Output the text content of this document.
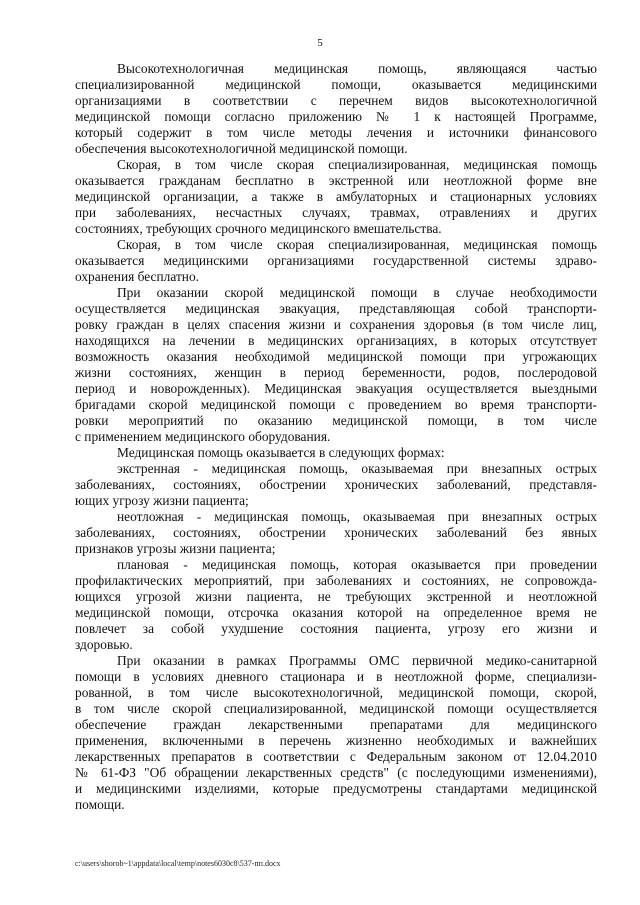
5
Высокотехнологичная медицинская помощь, являющаяся частью
специализированной медицинской помощи, оказывается медицинскими
организациями в соответствии с перечнем видов высокотехнологичной
медицинской помощи согласно приложению № 1 к настоящей Программе,
который содержит в том числе методы лечения и источники финансового
обеспечения высокотехнологичной медицинской помощи.
Скорая, в том числе скорая специализированная, медицинская помощь
оказывается гражданам бесплатно в экстренной или неотложной форме вне
медицинской организации, а также в амбулаторных и стационарных условиях
при заболеваниях, несчастных случаях, травмах, отравлениях и других
состояниях, требующих срочного медицинского вмешательства.
Скорая, в том числе скорая специализированная, медицинская помощь
оказывается медицинскими организациями государственной системы здраво-
охранения бесплатно.
При оказании скорой медицинской помощи в случае необходимости
осуществляется медицинская эвакуация, представляющая собой транспорти-
ровку граждан в целях спасения жизни и сохранения здоровья (в том числе лиц,
находящихся на лечении в медицинских организациях, в которых отсутствует
возможность оказания необходимой медицинской помощи при угрожающих
жизни состояниях, женщин в период беременности, родов, послеродовой
период и новорожденных). Медицинская эвакуация осуществляется выездными
бригадами скорой медицинской помощи с проведением во время транспорти-
ровки мероприятий по оказанию медицинской помощи, в том числе
с применением медицинского оборудования.
Медицинская помощь оказывается в следующих формах:
экстренная - медицинская помощь, оказываемая при внезапных острых
заболеваниях, состояниях, обострении хронических заболеваний, представля-
ющих угрозу жизни пациента;
неотложная - медицинская помощь, оказываемая при внезапных острых
заболеваниях, состояниях, обострении хронических заболеваний без явных
признаков угрозы жизни пациента;
плановая - медицинская помощь, которая оказывается при проведении
профилактических мероприятий, при заболеваниях и состояниях, не сопровожда-
ющихся угрозой жизни пациента, не требующих экстренной и неотложной
медицинской помощи, отсрочка оказания которой на определенное время не
повлечет за собой ухудшение состояния пациента, угрозу его жизни и
здоровью.
При оказании в рамках Программы ОМС первичной медико-санитарной
помощи в условиях дневного стационара и в неотложной форме, специализи-
рованной, в том числе высокотехнологичной, медицинской помощи, скорой,
в том числе скорой специализированной, медицинской помощи осуществляется
обеспечение граждан лекарственными препаратами для медицинского
применения, включенными в перечень жизненно необходимых и важнейших
лекарственных препаратов в соответствии с Федеральным законом от 12.04.2010
№ 61-ФЗ "Об обращении лекарственных средств" (с последующими изменениями),
и медицинскими изделиями, которые предусмотрены стандартами медицинской
помощи.
c:\users\shorob~1\appdata\local\temp\notes6030c8\537-пп.docx
